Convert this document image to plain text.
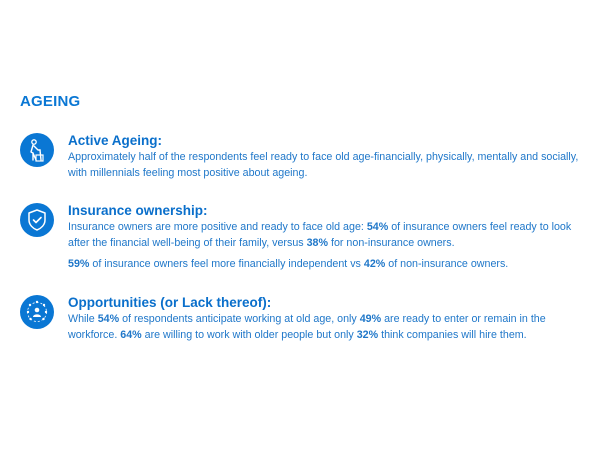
AGEING
Active Ageing:

Approximately half of the respondents feel ready to face old age-financially, physically, mentally and socially, with millennials feeling most positive about ageing.

Insurance ownership:

Insurance owners are more positive and ready to face old age: 54% of insurance owners feel ready to look after the financial well-being of their family, versus 38% for non-insurance owners.

59% of insurance owners feel more financially independent vs 42% of non-insurance owners.

Opportunities (or Lack thereof):

While 54% of respondents anticipate working at old age, only 49% are ready to enter or remain in the workforce. 64% are willing to work with older people but only 32% think companies will hire them.
